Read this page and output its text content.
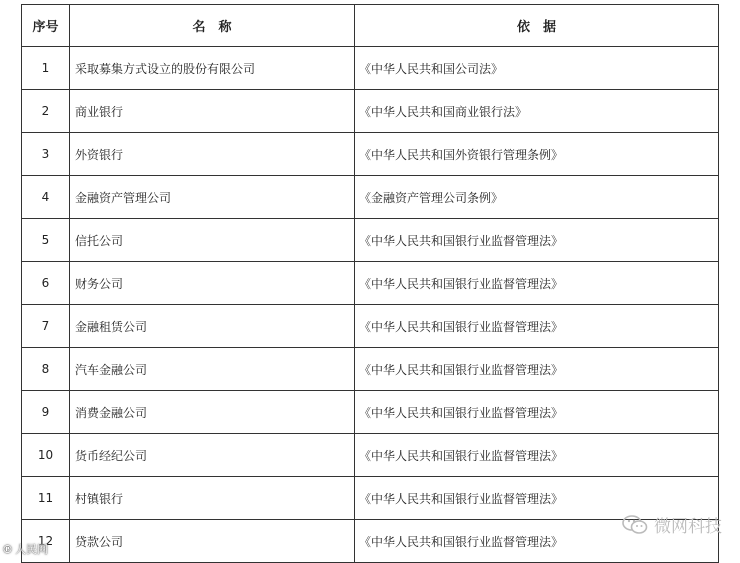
序号	名　称	依　据
1	采取募集方式设立的股份有限公司	《中华人民共和国公司法》
2	商业银行	《中华人民共和国商业银行法》
3	外资银行	《中华人民共和国外资银行管理条例》
4	金融资产管理公司	《金融资产管理公司条例》
5	信托公司	《中华人民共和国银行业监督管理法》
6	财务公司	《中华人民共和国银行业监督管理法》
7	金融租赁公司	《中华人民共和国银行业监督管理法》
8	汽车金融公司	《中华人民共和国银行业监督管理法》
9	消费金融公司	《中华人民共和国银行业监督管理法》
10	货币经纪公司	《中华人民共和国银行业监督管理法》
11	村镇银行	《中华人民共和国银行业监督管理法》
12	贷款公司	《中华人民共和国银行业监督管理法》
℗ 人民网
微网科技
